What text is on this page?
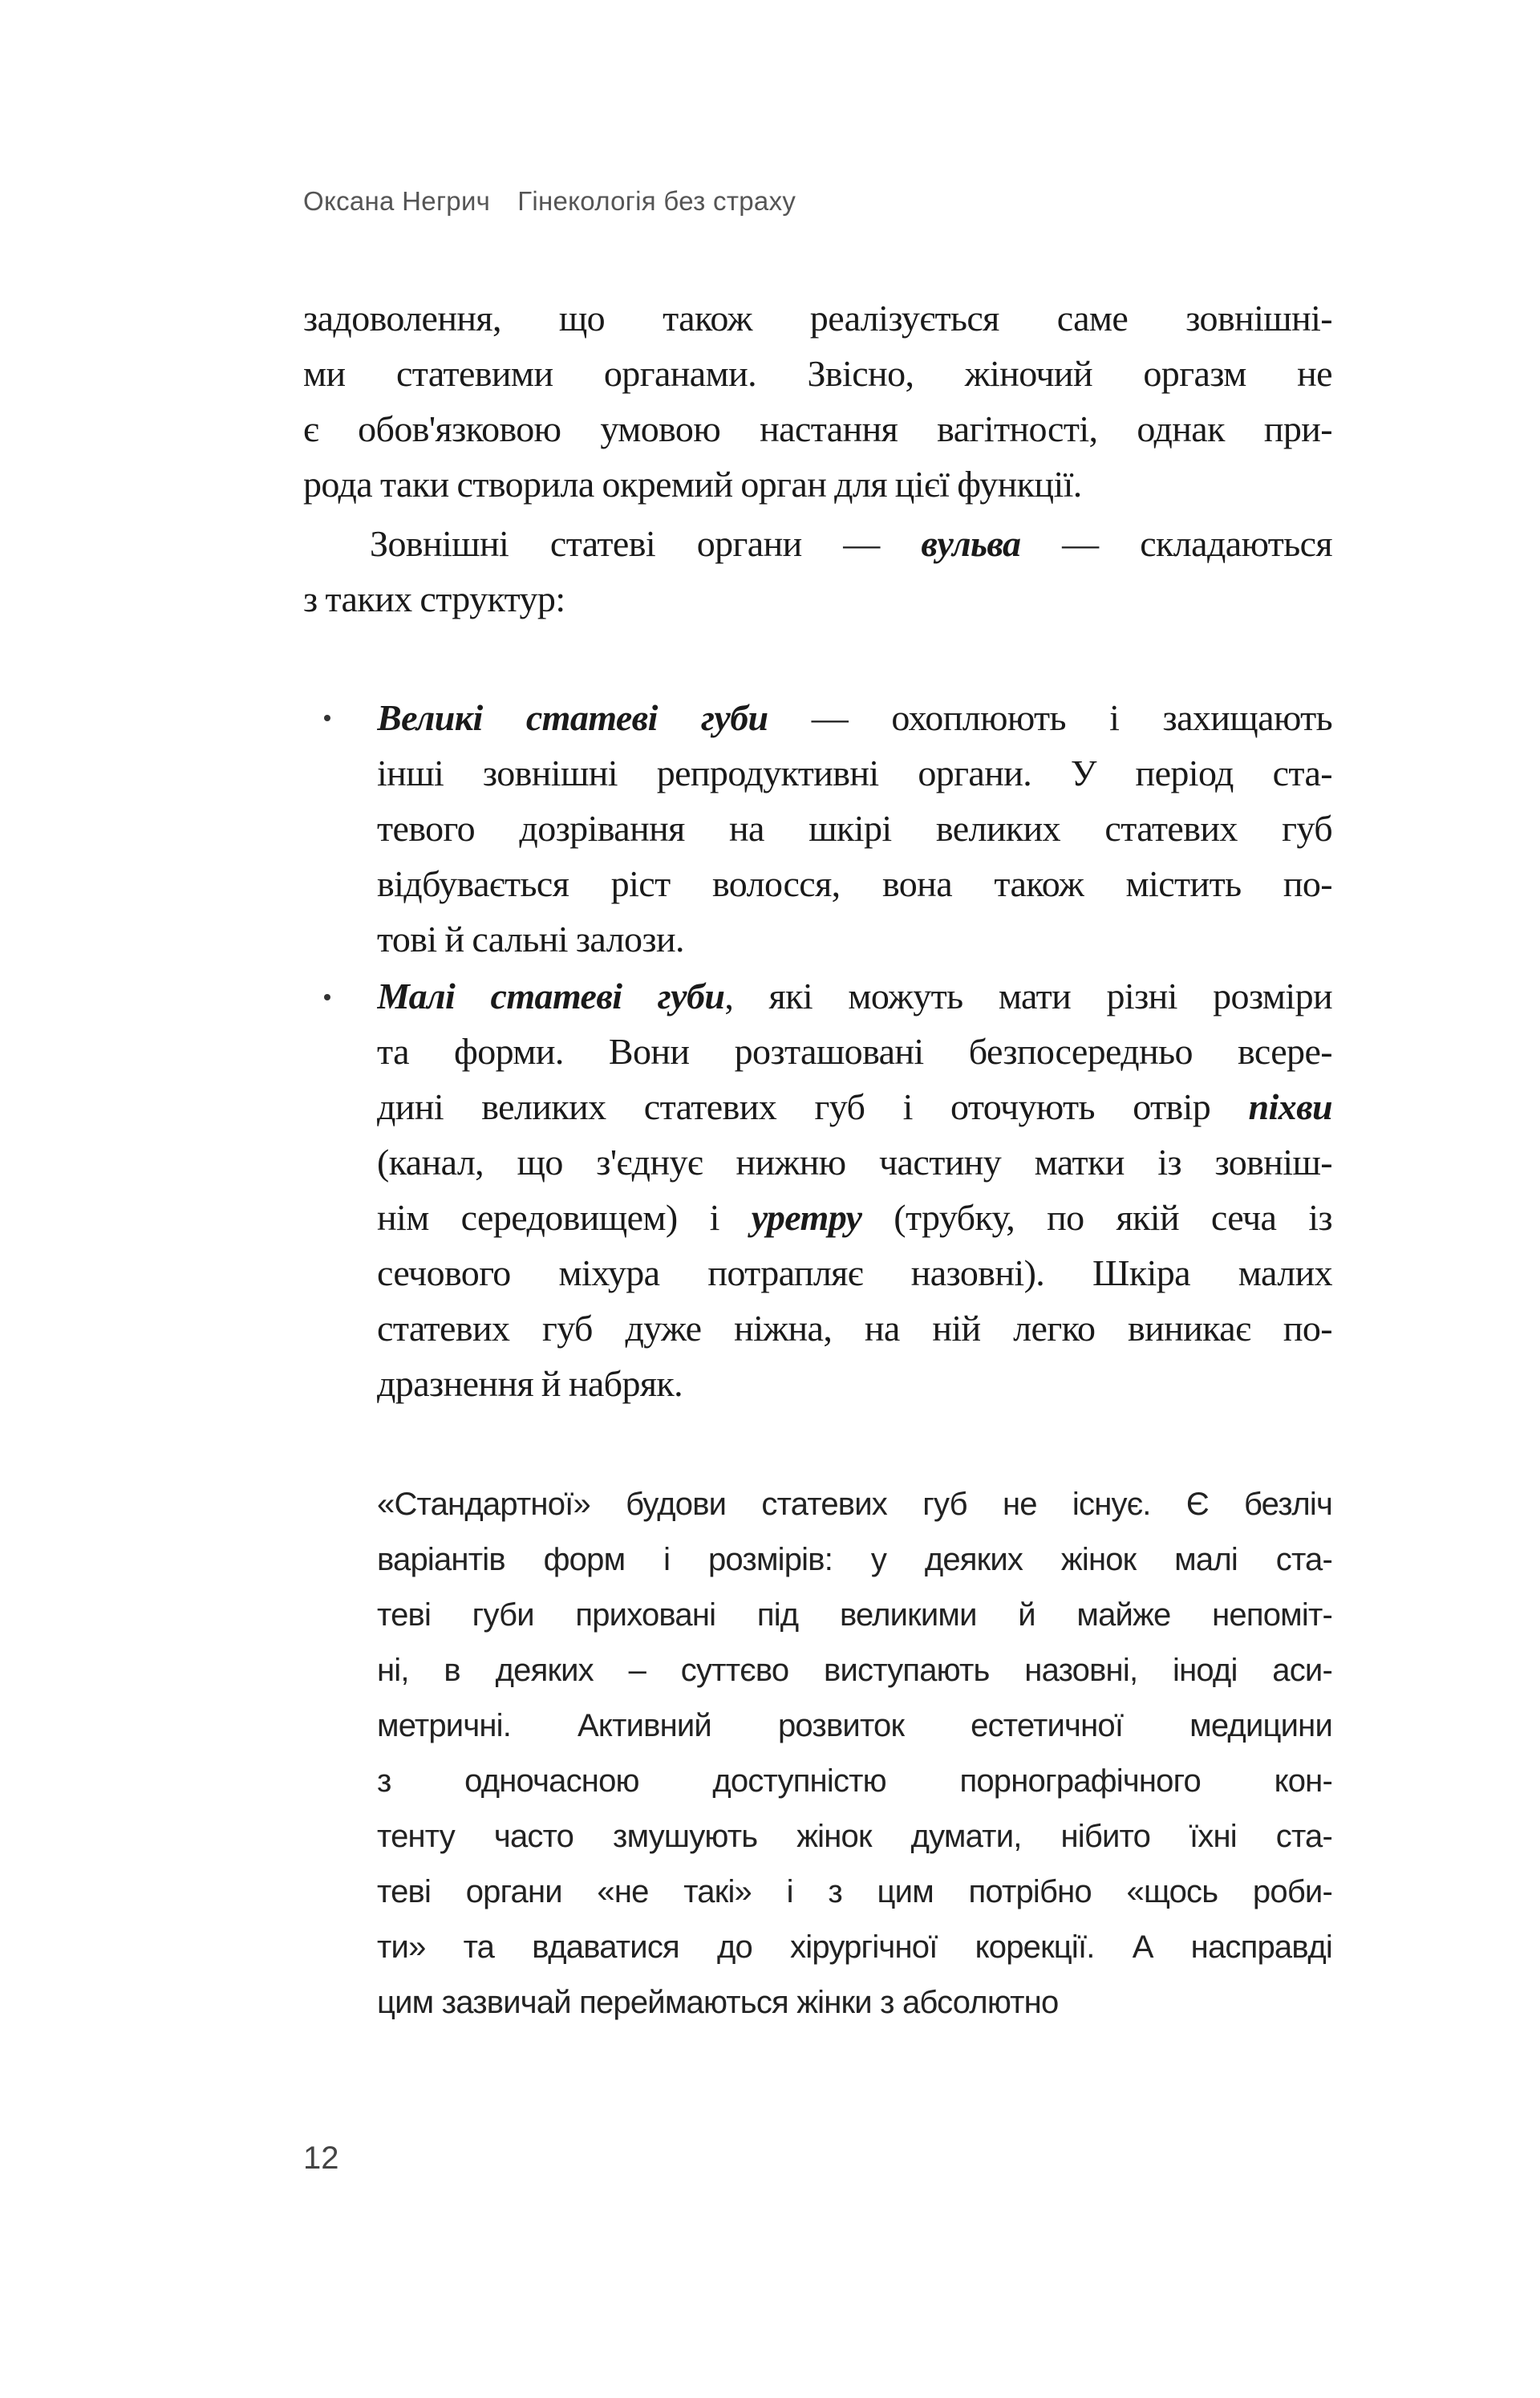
Оксана Негрич Гінекологія без страху
задоволення, що також реалізується саме зовнішні-
ми статевими органами. Звісно, жіночий оргазм не
є обов'язковою умовою настання вагітності, однак при-
рода таки створила окремий орган для цієї функції.
Зовнішні статеві органи — вульва — складаються
з таких структур:
Великі статеві губи — охоплюють і захищають
інші зовнішні репродуктивні органи. У період ста-
тевого дозрівання на шкірі великих статевих губ
відбувається ріст волосся, вона також містить по-
тові й сальні залози.
Малі статеві губи, які можуть мати різні розміри
та форми. Вони розташовані безпосередньо всере-
дині великих статевих губ і оточують отвір піхви
(канал, що з'єднує нижню частину матки із зовніш-
нім середовищем) і уретру (трубку, по якій сеча із
сечового міхура потрапляє назовні). Шкіра малих
статевих губ дуже ніжна, на ній легко виникає по-
дразнення й набряк.
«Стандартної» будови статевих губ не існує. Є безліч
варіантів форм і розмірів: у деяких жінок малі ста-
теві губи приховані під великими й майже непоміт-
ні, в деяких – суттєво виступають назовні, іноді аси-
метричні. Активний розвиток естетичної медицини
з одночасною доступністю порнографічного кон-
тенту часто змушують жінок думати, нібито їхні ста-
теві органи «не такі» і з цим потрібно «щось роби-
ти» та вдаватися до хірургічної корекції. А насправді
цим зазвичай переймаються жінки з абсолютно
12
